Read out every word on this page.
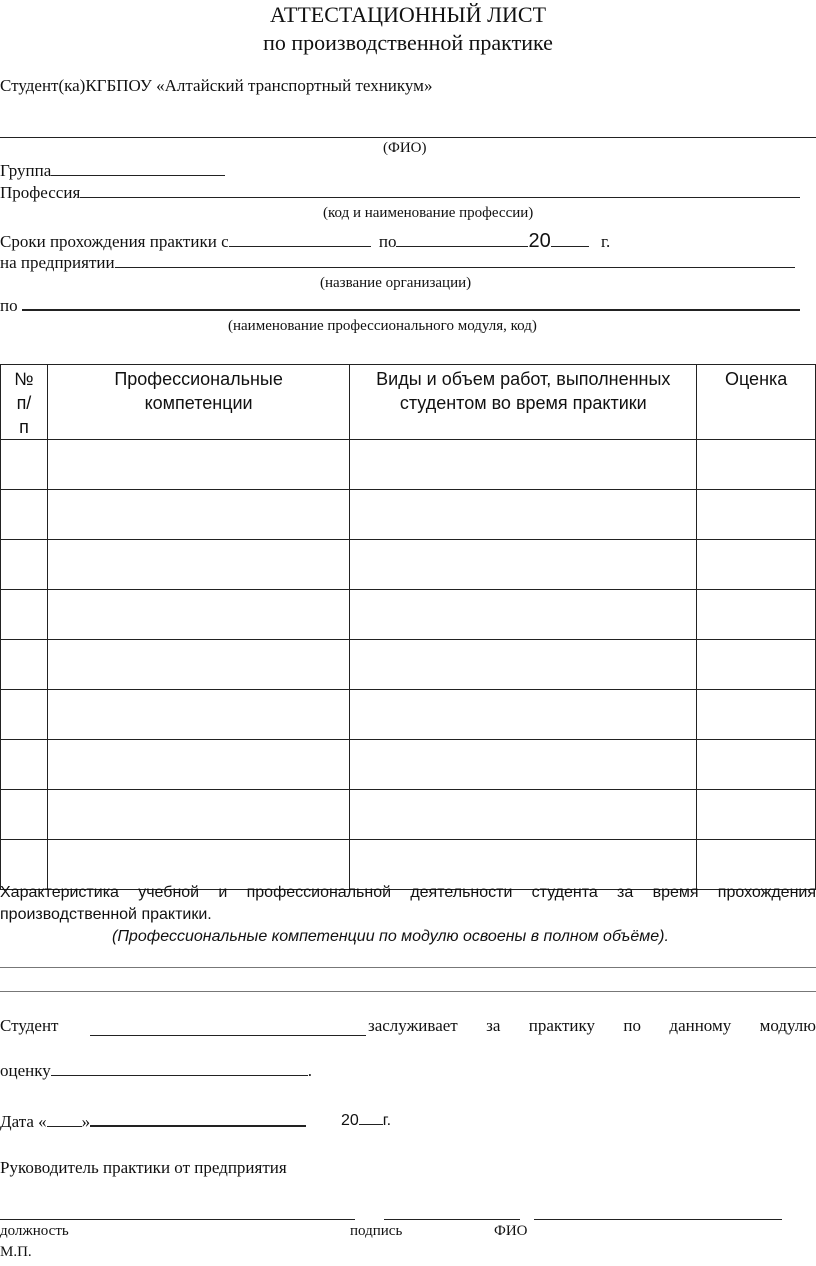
АТТЕСТАЦИОННЫЙ ЛИСТ
по производственной практике
Студент(ка)КГБПОУ «Алтайский транспортный техникум»
(ФИО)
Группа
Профессия
(код и наименование профессии)
Сроки прохождения практики с	по	20	г.
на предприятии
(название организации)
по
(наименование профессионального модуля, код)
№ п/п	Профессиональные компетенции	Виды и объем работ, выполненных студентом во время практики	Оценка

Характеристика учебной и профессиональной деятельности студента за время прохождения производственной практики.
(Профессиональные компетенции по модулю освоены в полном объёме).
Студент	заслуживает за практику по данному модулю
оценку	.
Дата « »	20 г.
Руководитель практики от предприятия
должность	подпись	ФИО
М.П.
